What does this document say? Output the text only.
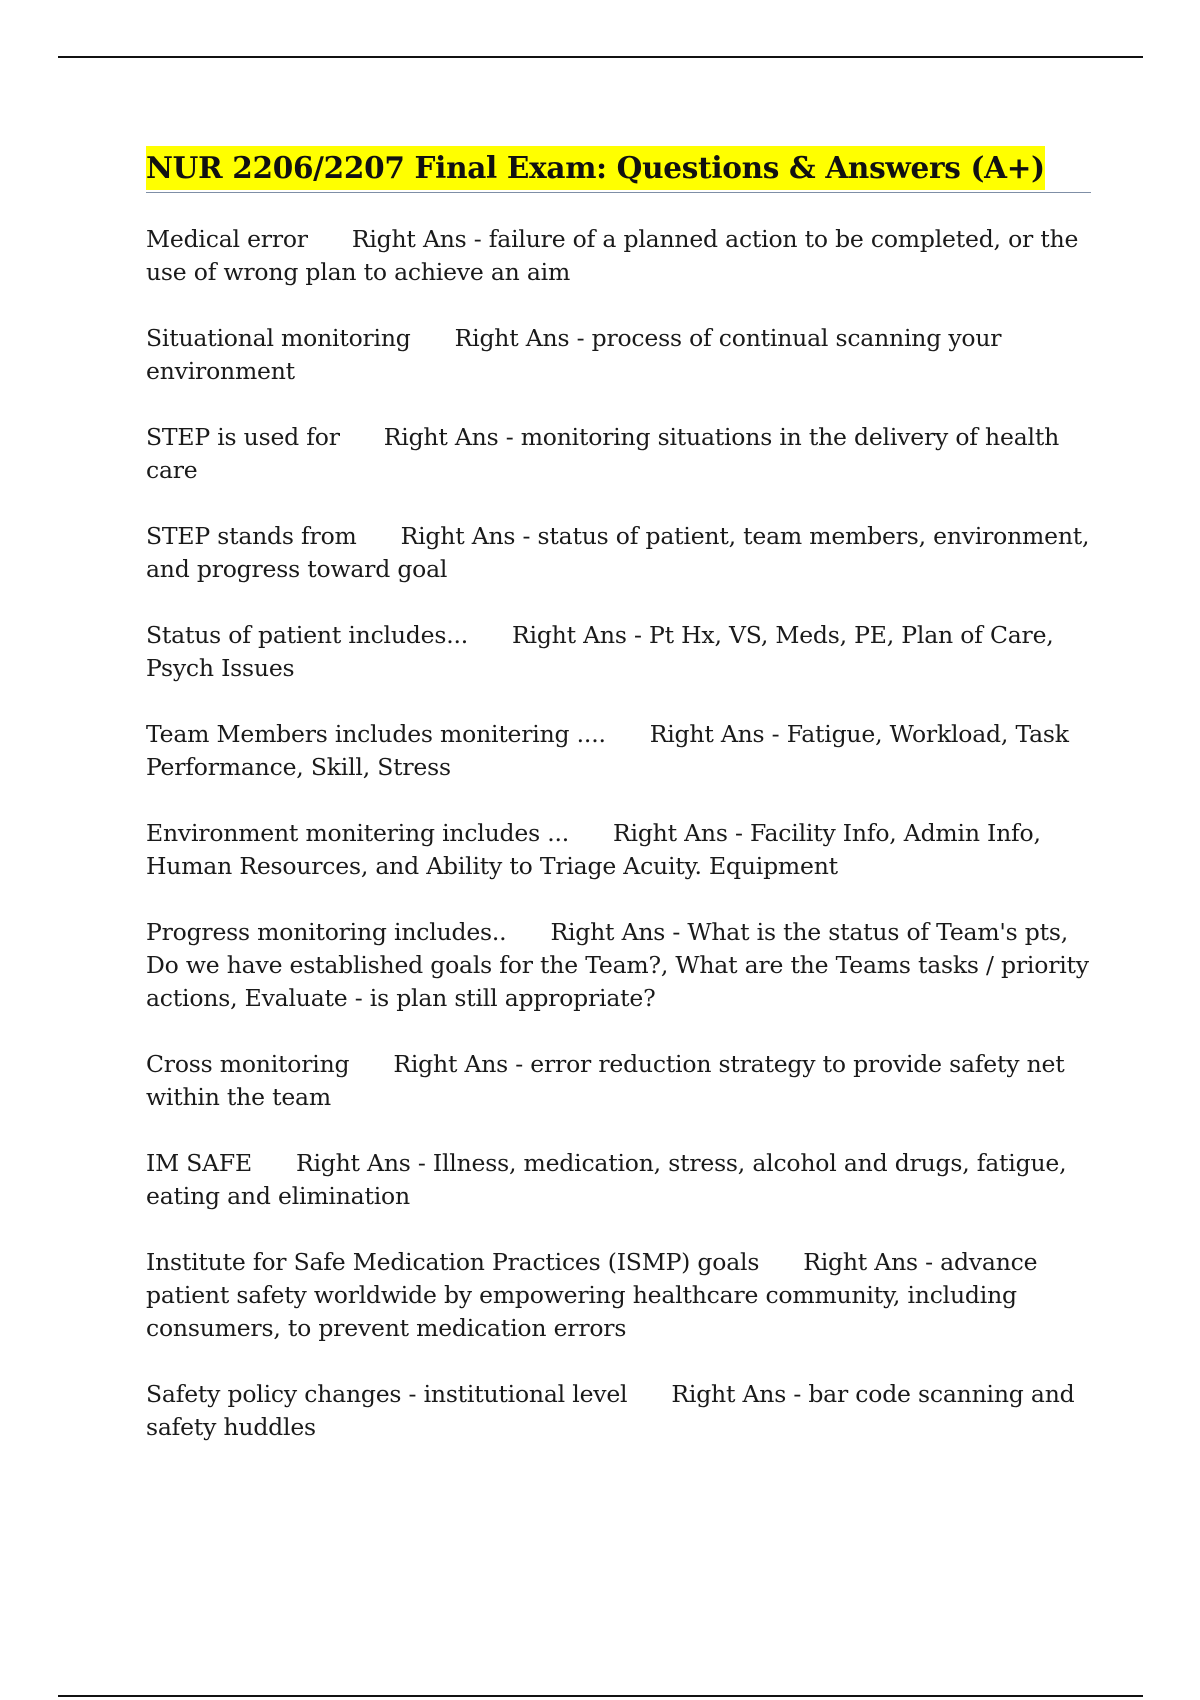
NUR 2206/2207 Final Exam: Questions & Answers (A+)

Medical error Right Ans - failure of a planned action to be completed, or the use of wrong plan to achieve an aim

Situational monitoring Right Ans - process of continual scanning your environment

STEP is used for Right Ans - monitoring situations in the delivery of health care

STEP stands from Right Ans - status of patient, team members, environment, and progress toward goal

Status of patient includes... Right Ans - Pt Hx, VS, Meds, PE, Plan of Care, Psych Issues

Team Members includes monitering .... Right Ans - Fatigue, Workload, Task Performance, Skill, Stress

Environment monitering includes ... Right Ans - Facility Info, Admin Info, Human Resources, and Ability to Triage Acuity. Equipment

Progress monitoring includes.. Right Ans - What is the status of Team's pts, Do we have established goals for the Team?, What are the Teams tasks / priority actions, Evaluate - is plan still appropriate?

Cross monitoring Right Ans - error reduction strategy to provide safety net within the team

IM SAFE Right Ans - Illness, medication, stress, alcohol and drugs, fatigue, eating and elimination

Institute for Safe Medication Practices (ISMP) goals Right Ans - advance patient safety worldwide by empowering healthcare community, including consumers, to prevent medication errors

Safety policy changes - institutional level Right Ans - bar code scanning and safety huddles
